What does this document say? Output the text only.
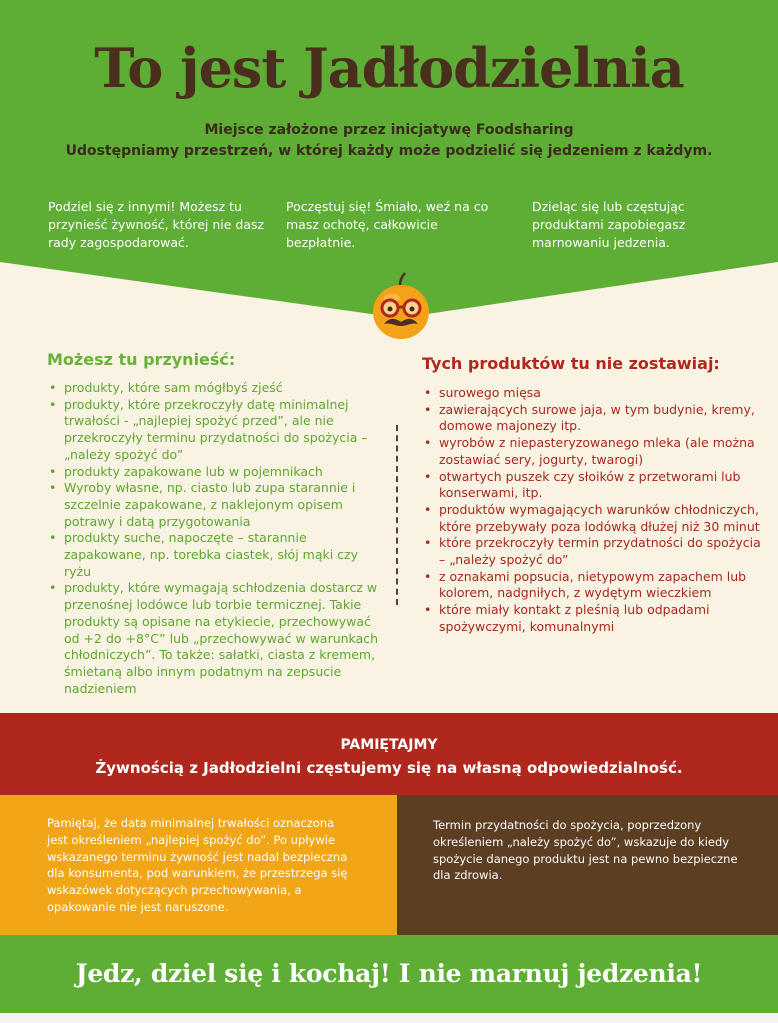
To jest Jadłodzielnia
Miejsce założone przez inicjatywę Foodsharing
Udostępniamy przestrzeń, w której każdy może podzielić się jedzeniem z każdym.

Podziel się z innymi! Możesz tu przynieść żywność, której nie dasz rady zagospodarować.

Poczęstuj się! Śmiało, weź na co masz ochotę, całkowicie bezpłatnie.

Dzieląc się lub częstując produktami zapobiegasz marnowaniu jedzenia.

Możesz tu przynieść:
• produkty, które sam mógłbyś zjeść
• produkty, które przekroczyły datę minimalnej trwałości - „najlepiej spożyć przed”, ale nie przekroczyły terminu przydatności do spożycia – „należy spożyć do”
• produkty zapakowane lub w pojemnikach
• Wyroby własne, np. ciasto lub zupa starannie i szczelnie zapakowane, z naklejonym opisem potrawy i datą przygotowania
• produkty suche, napoczęte – starannie zapakowane, np. torebka ciastek, słój mąki czy ryżu
• produkty, które wymagają schłodzenia dostarcz w przenośnej lodówce lub torbie termicznej. Takie produkty są opisane na etykiecie, przechowywać od +2 do +8°C” lub „przechowywać w warunkach chłodniczych”. To także: sałatki, ciasta z kremem, śmietaną albo innym podatnym na zepsucie nadzieniem
Tych produktów tu nie zostawiaj:
• surowego mięsa
• zawierających surowe jaja, w tym budynie, kremy, domowe majonezy itp.
• wyrobów z niepasteryzowanego mleka (ale można zostawiać sery, jogurty, twarogi)
• otwartych puszek czy słoików z przetworami lub konserwami, itp.
• produktów wymagających warunków chłodniczych, które przebywały poza lodówką dłużej niż 30 minut
• które przekroczyły termin przydatności do spożycia – „należy spożyć do”
• z oznakami popsucia, nietypowym zapachem lub kolorem, nadgniłych, z wydętym wieczkiem
• które miały kontakt z pleśnią lub odpadami spożywczymi, komunalnymi
PAMIĘTAJMY
Żywnością z Jadłodzielni częstujemy się na własną odpowiedzialność.
Pamiętaj, że data minimalnej trwałości oznaczona jest określeniem „najlepiej spożyć do”. Po upływie wskazanego terminu żywność jest nadal bezpieczna dla konsumenta, pod warunkiem, że przestrzega się wskazówek dotyczących przechowywania, a opakowanie nie jest naruszone.
Termin przydatności do spożycia, poprzedzony określeniem „należy spożyć do”, wskazuje do kiedy spożycie danego produktu jest na pewno bezpieczne dla zdrowia.
Jedz, dziel się i kochaj! I nie marnuj jedzenia!
